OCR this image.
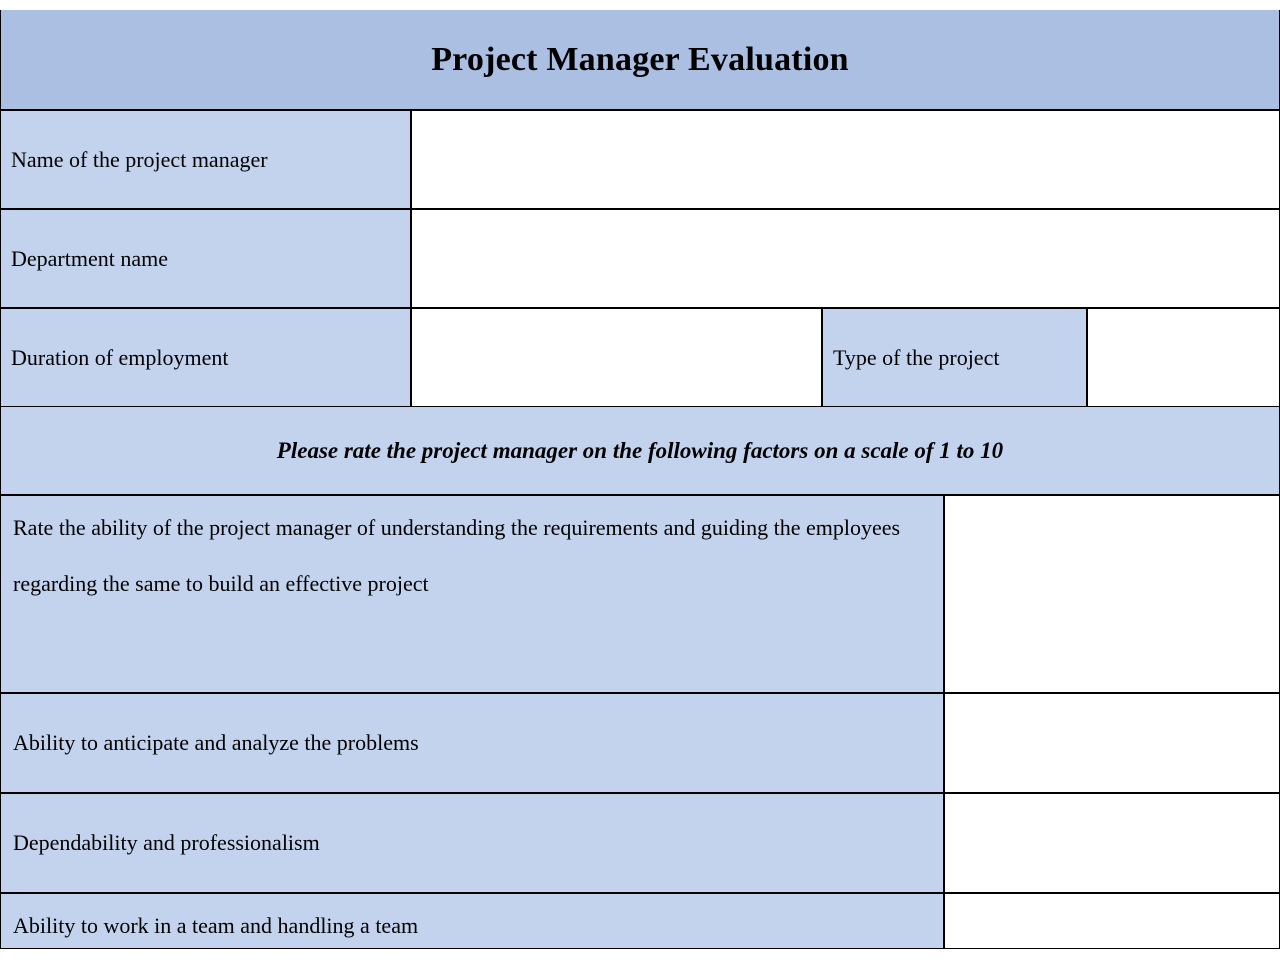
Project Manager Evaluation
Name of the project manager
Department name
Duration of employment	Type of the project
Please rate the project manager on the following factors on a scale of 1 to 10
Rate the ability of the project manager of understanding the requirements and guiding the employees regarding the same to build an effective project
Ability to anticipate and analyze the problems
Dependability and professionalism
Ability to work in a team and handling a team
